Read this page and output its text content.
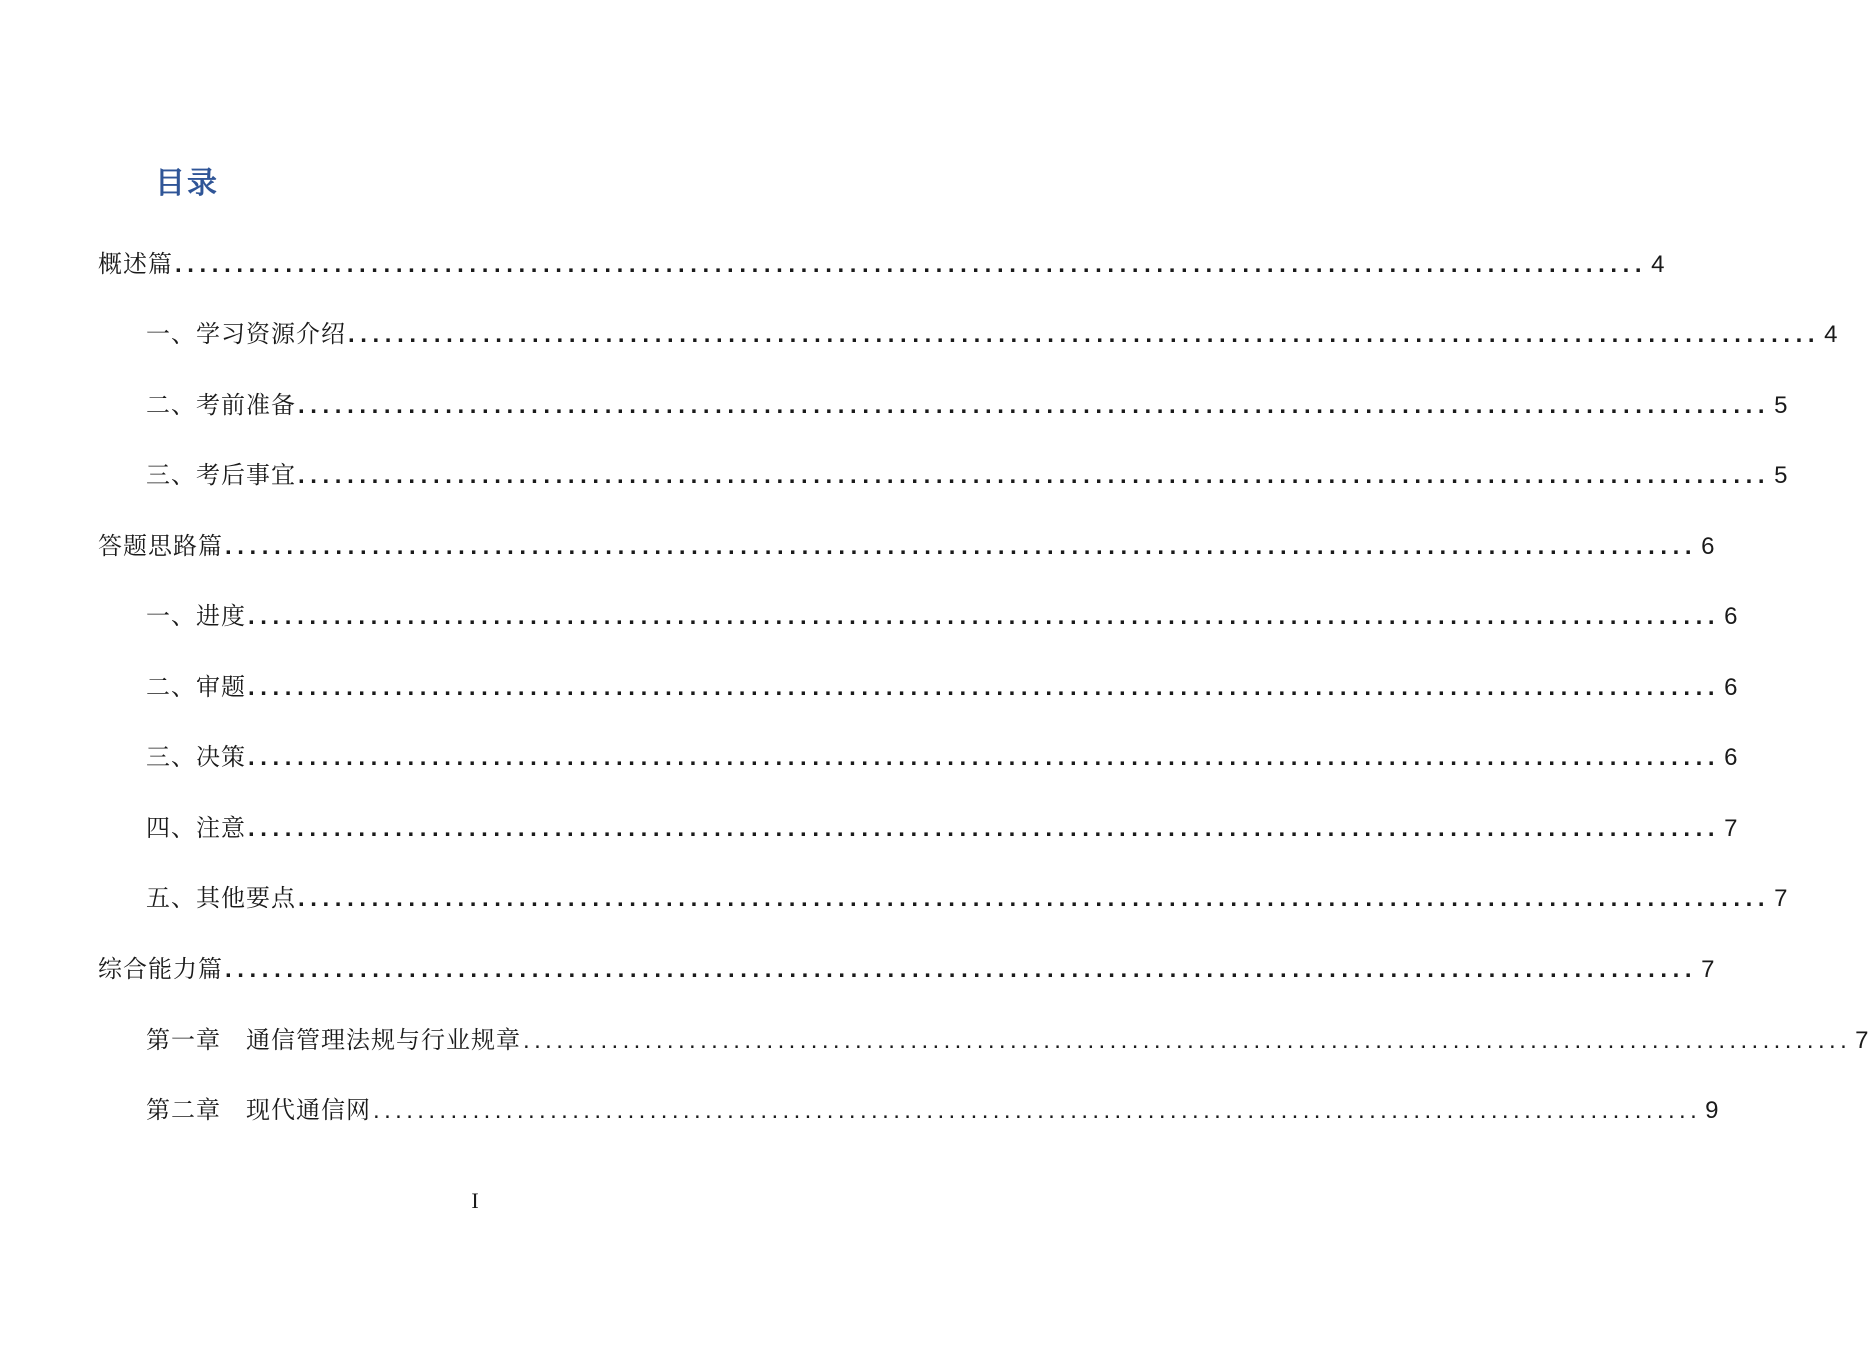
目录
概述篇 ........................................................................................................................ 4
一、学习资源介绍 ........................................................................................................................ 4
二、考前准备 ........................................................................................................................ 5
三、考后事宜 ........................................................................................................................ 5
答题思路篇 ........................................................................................................................ 6
一、进度 ........................................................................................................................ 6
二、审题 ........................................................................................................................ 6
三、决策 ........................................................................................................................ 6
四、注意 ........................................................................................................................ 7
五、其他要点 ........................................................................................................................ 7
综合能力篇 ........................................................................................................................ 7
第一章　通信管理法规与行业规章 ........................................................................................................................ 7
第二章　现代通信网 ........................................................................................................................ 9
I
